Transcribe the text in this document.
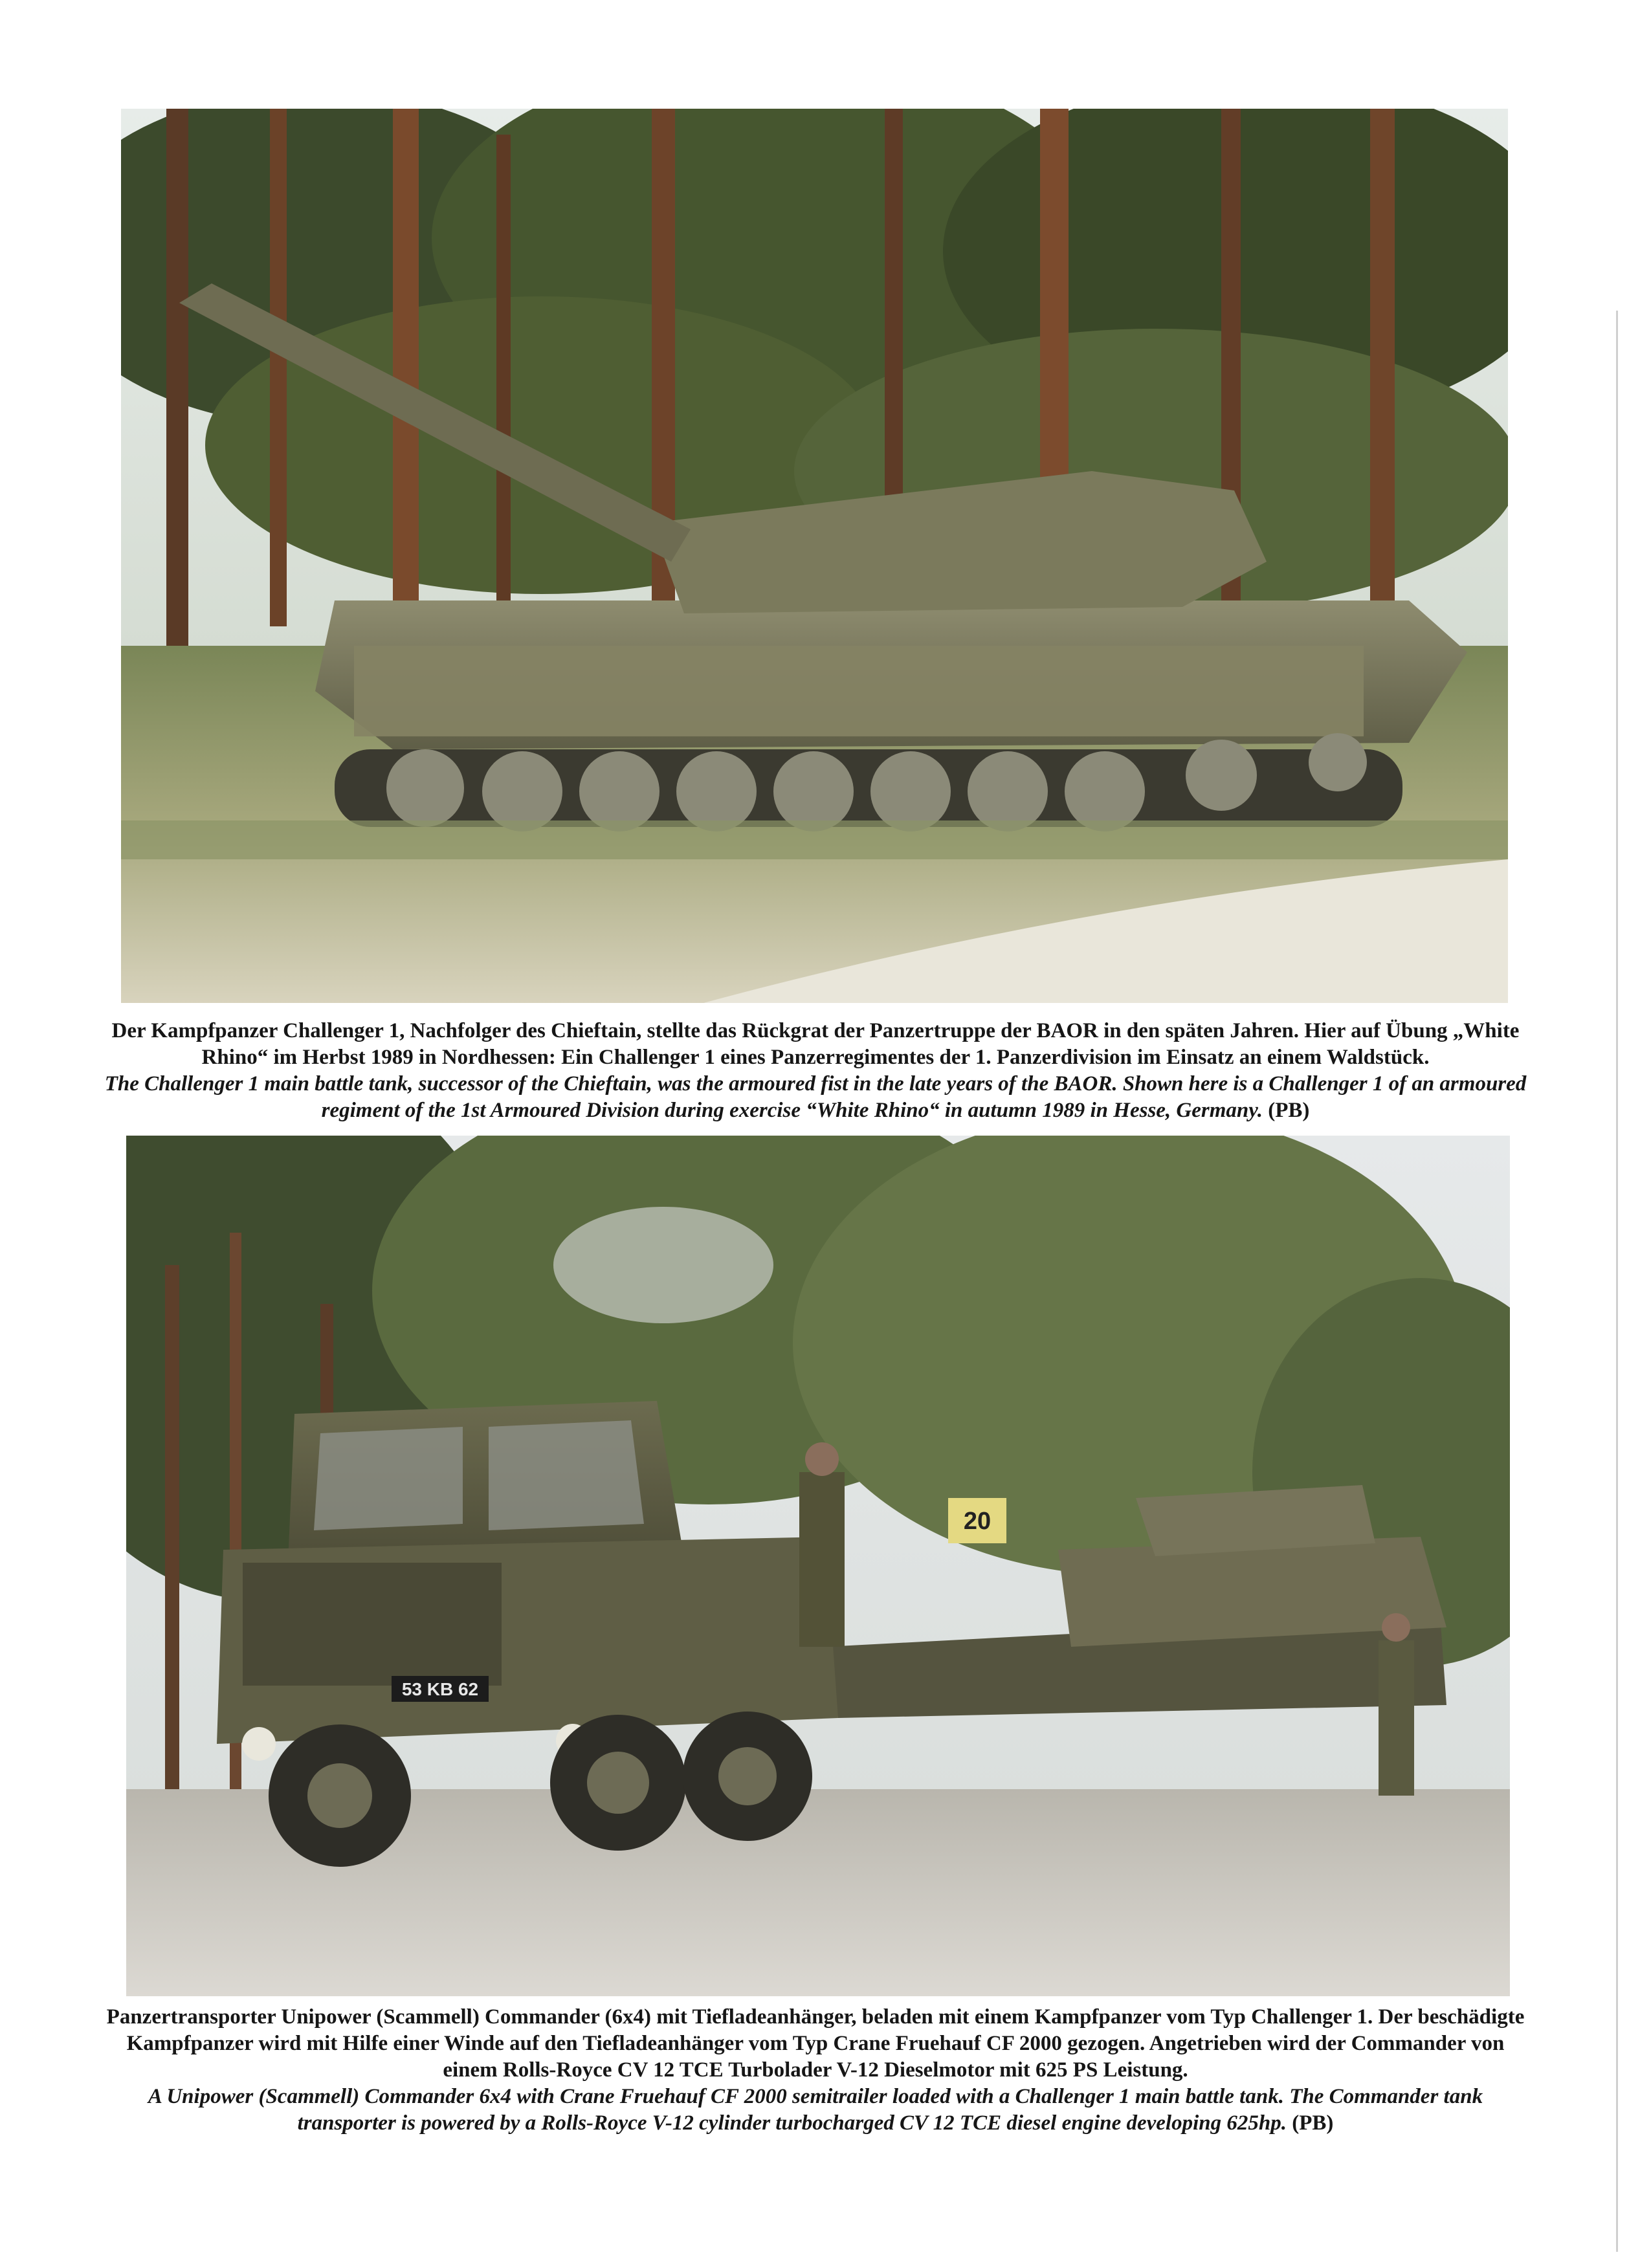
Der Kampfpanzer Challenger 1, Nachfolger des Chieftain, stellte das Rückgrat der Panzertruppe der BAOR in den späten Jahren. Hier auf Übung „White Rhino“ im Herbst 1989 in Nordhessen: Ein Challenger 1 eines Panzerregimentes der 1. Panzerdivision im Einsatz an einem Waldstück.

The Challenger 1 main battle tank, successor of the Chieftain, was the armoured fist in the late years of the BAOR. Shown here is a Challenger 1 of an armoured regiment of the 1st Armoured Division during exercise “White Rhino“ in autumn 1989 in Hesse, Germany. (PB)

20
53 KB 62

Panzertransporter Unipower (Scammell) Commander (6x4) mit Tiefladeanhänger, beladen mit einem Kampfpanzer vom Typ Challenger 1. Der beschädigte Kampfpanzer wird mit Hilfe einer Winde auf den Tiefladeanhänger vom Typ Crane Fruehauf CF 2000 gezogen. Angetrieben wird der Commander von einem Rolls-Royce CV 12 TCE Turbolader V-12 Dieselmotor mit 625 PS Leistung.

A Unipower (Scammell) Commander 6x4 with Crane Fruehauf CF 2000 semitrailer loaded with a Challenger 1 main battle tank. The Commander tank transporter is powered by a Rolls-Royce V-12 cylinder turbocharged CV 12 TCE diesel engine developing 625hp. (PB)
